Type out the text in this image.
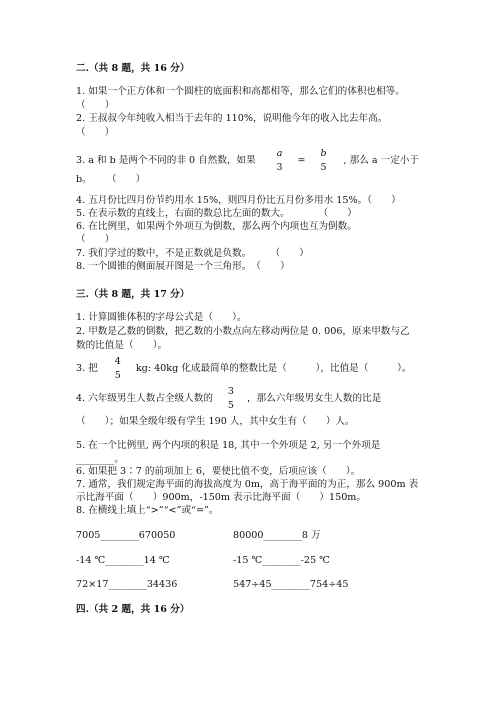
二.（共 8 题，共 16 分）
1. 如果一个正方体和一个圆柱的底面积和高都相等，那么它们的体积也相等。
（　　）
2. 王叔叔今年纯收入相当于去年的 110%，说明他今年的收入比去年高。
（　　）
3. a 和 b 是两个不同的非 0 自然数，如果
a
3
=
b
5
, 那么 a 一定小于
b。 （　　）
4. 五月份比四月份节约用水 15%，则四月份比五月份多用水 15%。（　　）
5. 在表示数的直线上，右面的数总比左面的数大。　　　　（　　）
6. 在比例里，如果两个外项互为倒数，那么两个内项也互为倒数。
（　　）
7. 我们学过的数中，不是正数就是负数。　　　（　　）
8. 一个圆锥的侧面展开图是一个三角形。　（　　）
三.（共 8 题，共 17 分）
1. 计算圆锥体积的字母公式是（　　）。
2. 甲数是乙数的倒数，把乙数的小数点向左移动两位是 0. 006，原来甲数与乙
数的比值是（　　）。
3. 把
4
5
kg: 40kg 化成最简单的整数比是（　　　），比值是（　　　）。
4. 六年级男生人数占全级人数的
3
5
，那么六年级男女生人数的比是
（　　）；如果全级年级有学生 190 人，其中女生有（　　）人。
5. 在一个比例里, 两个内项的积是 18, 其中一个外项是 2, 另一个外项是
________。
6. 如果把 3∶7 的前项加上 6，要使比值不变，后项应该（　　）。
7. 通常，我们规定海平面的海拔高度为 0m，高于海平面的为正，那么 900m 表
示比海平面（　　）900m，-150m 表示比海平面（　　）150m。
8. 在横线上填上“>”“<”或“=”。
7005________670050	80000________8 万
-14 ℃________14 ℃	-15 ℃________-25 ℃
72×17________34436	547÷45________754÷45
四.（共 2 题，共 16 分）
